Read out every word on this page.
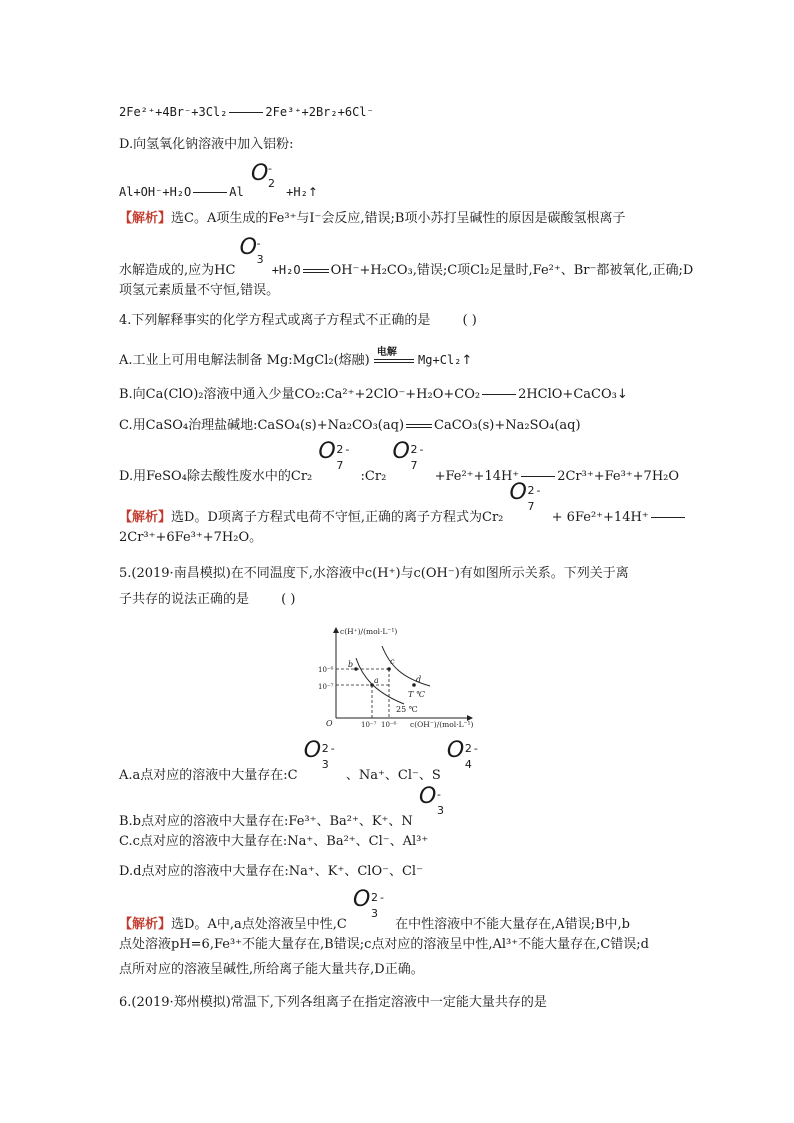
2Fe²⁺+4Br⁻+3Cl₂	2Fe³⁺+2Br₂+6Cl⁻
D.向氢氧化钠溶液中加入铝粉:
Al+OH⁻+H₂O	Al
O -
2
+H₂↑
【解析】选C。A项生成的Fe³⁺与I⁻会反应,错误;B项小苏打呈碱性的原因是碳酸氢根离子
水解造成的,应为HC
O -
3
+H₂O OH⁻+H₂CO₃,错误;C项Cl₂足量时,Fe²⁺、Br⁻都被氧化,正确;D
项氢元素质量不守恒,错误。
4.下列解释事实的化学方程式或离子方程式不正确的是 ( )
A.工业上可用电解法制备 Mg:MgCl₂(熔融)
电解
Mg+Cl₂↑
B.向Ca(ClO)₂溶液中通入少量CO₂:Ca²⁺+2ClO⁻+H₂O+CO₂	2HClO+CaCO₃↓
C.用CaSO₄治理盐碱地:CaSO₄(s)+Na₂CO₃(aq) CaCO₃(s)+Na₂SO₄(aq)
D.用FeSO₄除去酸性废水中的Cr₂
O 2 -
7
:Cr₂
O 2 -
7
+Fe²⁺+14H⁺	2Cr³⁺+Fe³⁺+7H₂O
【解析】选D。D项离子方程式电荷不守恒,正确的离子方程式为Cr₂
O 2 -
7
+ 6Fe²⁺+14H⁺
2Cr³⁺+6Fe³⁺+7H₂O。
5.(2019·南昌模拟)在不同温度下,水溶液中c(H⁺)与c(OH⁻)有如图所示关系。下列关于离
子共存的说法正确的是 ( )
c(H⁺)/(mol·L⁻¹)
c(OH⁻)/(mol·L⁻¹)
O
10⁻⁶
10⁻⁷
10⁻⁷ 10⁻⁶
a
b	c
d
T ℃
25 ℃
A.a点对应的溶液中大量存在:C
O 2 -
3
、Na⁺、Cl⁻、S
O 2 -
4
B.b点对应的溶液中大量存在:Fe³⁺、Ba²⁺、K⁺、N
O -
3
C.c点对应的溶液中大量存在:Na⁺、Ba²⁺、Cl⁻、Al³⁺
D.d点对应的溶液中大量存在:Na⁺、K⁺、ClO⁻、Cl⁻
【解析】选D。A中,a点处溶液呈中性,C
O 2 -
3
在中性溶液中不能大量存在,A错误;B中,b
点处溶液pH=6,Fe³⁺不能大量存在,B错误;c点对应的溶液呈中性,Al³⁺不能大量存在,C错误;d
点所对应的溶液呈碱性,所给离子能大量共存,D正确。
6.(2019·郑州模拟)常温下,下列各组离子在指定溶液中一定能大量共存的是
